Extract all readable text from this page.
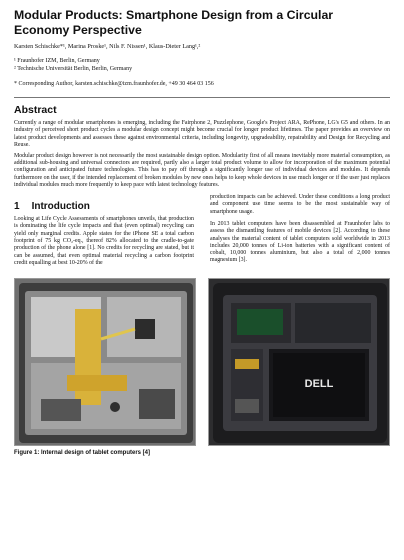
Modular Products: Smartphone Design from a Circular Economy Perspective
Karsten Schischke*¹, Marina Proske¹, Nils F. Nissen¹, Klaus-Dieter Lang¹,²
¹ Fraunhofer IZM, Berlin, Germany
² Technische Universität Berlin, Berlin, Germany
* Corresponding Author, karsten.schischke@izm.fraunhofer.de, +49 30 464 03 156
Abstract

Currently a range of modular smartphones is emerging, including the Fairphone 2, Puzzlephone, Google's Project ARA, RePhone, LG's G5 and others. In an industry of perceived short product cycles a modular design concept might become crucial for longer product lifetimes. The paper provides an overview on latest product developments and assesses these against environmental criteria, including longevity, upgradeability, repairability and Design for Recycling and Reuse.

Modular product design however is not necessarily the most sustainable design option. Modularity first of all means inevitably more material consumption, as additional sub-housing and universal connectors are required, partly also a larger total product volume to allow for incorporation of the maximum potential configuration and anticipated future technologies. This has to pay off through a significantly longer use of individual devices and modules. It depends furthermore on the user, if the intended replacement of broken modules by new ones helps to keep whole devices in use much longer or if the user just replaces individual modules much more frequently to keep pace with latest technology features.

1 Introduction

Looking at Life Cycle Assessments of smartphones unveils, that production is dominating the life cycle impacts and that (even optimal) recycling can yield only marginal credits. Apple states for the iPhone SE a total carbon footprint of 75 kg CO₂-eq., thereof 82% allocated to the cradle-to-gate production of the phone alone [1]. No credits for recycling are stated, but it can be assumed, that even optimal material recycling a carbon footprint credit equalling at best 10-20% of the

production impacts can be achieved. Under these conditions a long product and component use time seems to be the most sustainable way of smartphone usage.

In 2013 tablet computers have been disassembled at Fraunhofer labs to assess the dismantling features of mobile devices [2]. According to these analyses the material content of tablet computers sold worldwide in 2013 includes 20,000 tonnes of Li-ion batteries with a significant content of cobalt, 10,000 tonnes aluminium, but also a total of 2,000 tonnes magnesium [3].

DELL
Figure 1: Internal design of tablet computers [4]
